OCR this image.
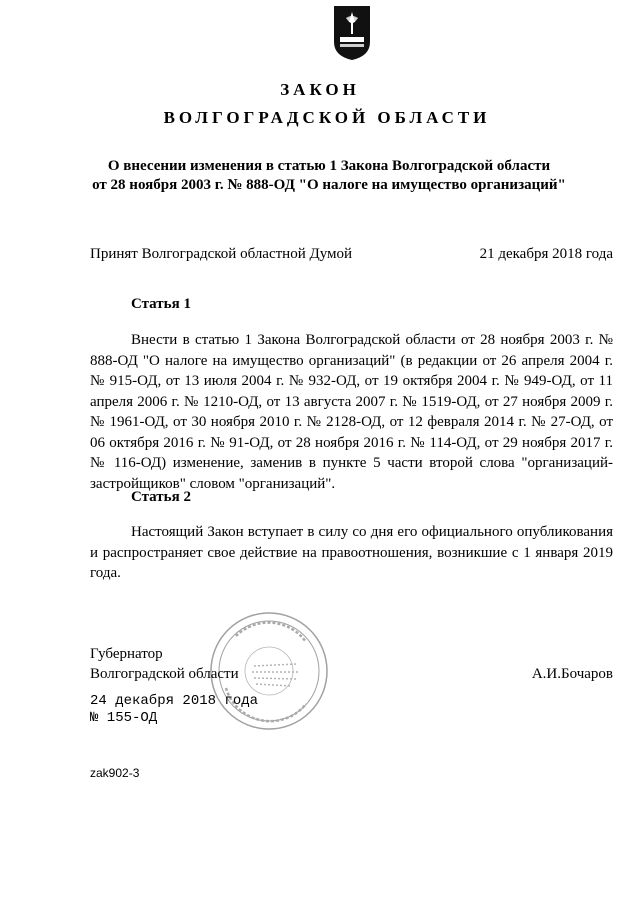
ЗАКОН
ВОЛГОГРАДСКОЙ ОБЛАСТИ
О внесении изменения в статью 1 Закона Волгоградской области
от 28 ноября 2003 г. № 888-ОД "О налоге на имущество организаций"
Принят Волгоградской областной Думой	21 декабря 2018 года
Статья 1
Внести в статью 1 Закона Волгоградской области от 28 ноября 2003 г. № 888-ОД "О налоге на имущество организаций" (в редакции от 26 апреля 2004 г. № 915-ОД, от 13 июля 2004 г. № 932-ОД, от 19 октября 2004 г. № 949-ОД, от 11 апреля 2006 г. № 1210-ОД, от 13 августа 2007 г. № 1519-ОД, от 27 ноября 2009 г. № 1961-ОД, от 30 ноября 2010 г. № 2128-ОД, от 12 февраля 2014 г. № 27-ОД, от 06 октября 2016 г. № 91-ОД, от 28 ноября 2016 г. № 114-ОД, от 29 ноября 2017 г. № 116-ОД) изменение, заменив в пункте 5 части второй слова "организаций-застройщиков" словом "организаций".
Статья 2
Настоящий Закон вступает в силу со дня его официального опубликования и распространяет свое действие на правоотношения, возникшие с 1 января 2019 года.
Губернатор
Волгоградской области	А.И.Бочаров
24 декабря 2018 года
№ 155-ОД
zak902-3
